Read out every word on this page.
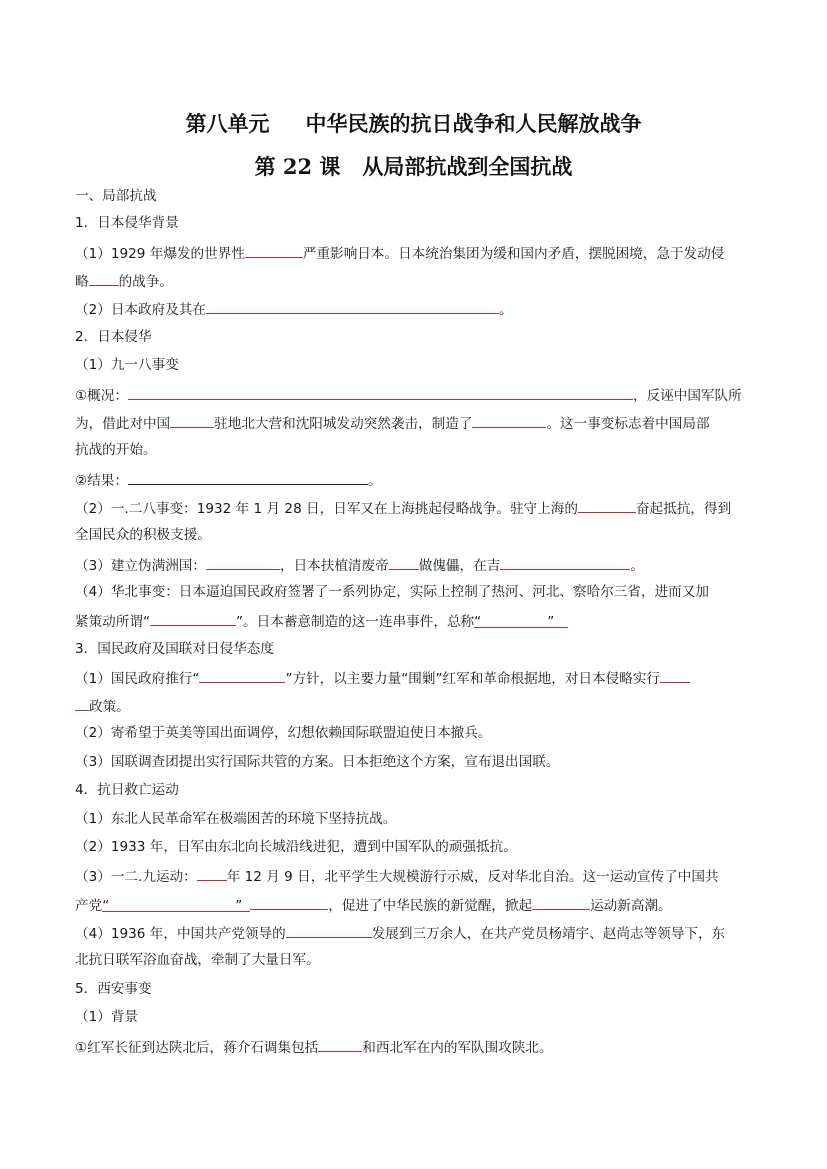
第八单元 中华民族的抗日战争和人民解放战争
第 22 课 从局部抗战到全国抗战
一、局部抗战
1．日本侵华背景
（1）1929 年爆发的世界性	严重影响日本。日本统治集团为缓和国内矛盾，摆脱困境，急于发动侵
略 的战争。
（2）日本政府及其在	。
2．日本侵华
（1）九一八事变
①概况：	，反诬中国军队所
为，借此对中国	驻地北大营和沈阳城发动突然袭击，制造了	。这一事变标志着中国局部
抗战的开始。
②结果：	。
（2）一.二八事变：1932 年 1 月 28 日，日军又在上海挑起侵略战争。驻守上海的	奋起抵抗，得到
全国民众的积极支援。
（3）建立伪满洲国：	，日本扶植清废帝 做傀儡，在吉	。
（4）华北事变：日本逼迫国民政府签署了一系列协定，实际上控制了热河、河北、察哈尔三省，进而又加
紧策动所谓“	”。日本蓄意制造的这一连串事件，总称“	”
3．国民政府及国联对日侵华态度
（1）国民政府推行“	”方针，以主要力量“围剿”红军和革命根据地，对日本侵略实行
政策。
（2）寄希望于英美等国出面调停，幻想依赖国际联盟迫使日本撤兵。
（3）国联调查团提出实行国际共管的方案。日本拒绝这个方案，宣布退出国联。
4．抗日救亡运动
（1）东北人民革命军在极端困苦的环境下坚持抗战。
（2）1933 年，日军由东北向长城沿线进犯，遭到中国军队的顽强抵抗。
（3）一二.九运动： 年 12 月 9 日，北平学生大规模游行示威，反对华北自治。这一运动宣传了中国共
产党“	”	，促进了中华民族的新觉醒，掀起	运动新高潮。
（4）1936 年，中国共产党领导的	发展到三万余人，在共产党员杨靖宇、赵尚志等领导下，东
北抗日联军浴血奋战，牵制了大量日军。
5．西安事变
（1）背景
①红军长征到达陕北后，蒋介石调集包括	和西北军在内的军队围攻陕北。
